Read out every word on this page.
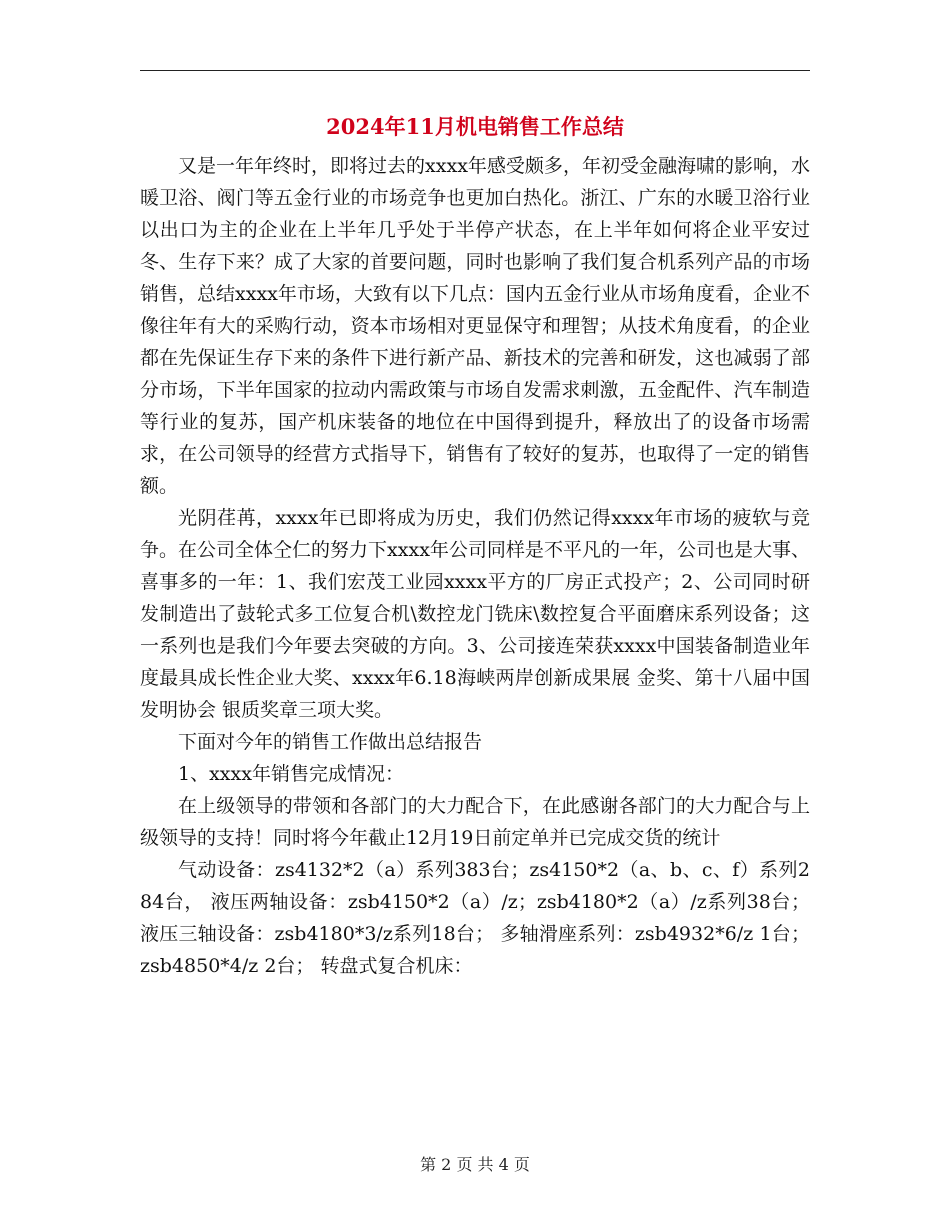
2024年11月机电销售工作总结

又是一年年终时，即将过去的xxxx年感受颇多，年初受金融海啸的影响，水暖卫浴、阀门等五金行业的市场竞争也更加白热化。浙江、广东的水暖卫浴行业以出口为主的企业在上半年几乎处于半停产状态，在上半年如何将企业平安过冬、生存下来？成了大家的首要问题，同时也影响了我们复合机系列产品的市场销售，总结xxxx年市场，大致有以下几点：国内五金行业从市场角度看，企业不像往年有大的采购行动，资本市场相对更显保守和理智；从技术角度看，的企业都在先保证生存下来的条件下进行新产品、新技术的完善和研发，这也减弱了部分市场，下半年国家的拉动内需政策与市场自发需求刺激，五金配件、汽车制造等行业的复苏，国产机床装备的地位在中国得到提升，释放出了的设备市场需求，在公司领导的经营方式指导下，销售有了较好的复苏，也取得了一定的销售额。

光阴荏苒，xxxx年已即将成为历史，我们仍然记得xxxx年市场的疲软与竞争。在公司全体仝仁的努力下xxxx年公司同样是不平凡的一年，公司也是大事、喜事多的一年：1、我们宏茂工业园xxxx平方的厂房正式投产；2、公司同时研发制造出了鼓轮式多工位复合机\数控龙门铣床\数控复合平面磨床系列设备；这一系列也是我们今年要去突破的方向。3、公司接连荣获xxxx中国装备制造业年度最具成长性企业大奖、xxxx年6.18海峡两岸创新成果展 金奖、第十八届中国发明协会 银质奖章三项大奖。

下面对今年的销售工作做出总结报告

1、xxxx年销售完成情况：

在上级领导的带领和各部门的大力配合下，在此感谢各部门的大力配合与上级领导的支持！同时将今年截止12月19日前定单并已完成交货的统计

气动设备：zs4132*2（a）系列383台；zs4150*2（a、b、c、f）系列284台， 液压两轴设备：zsb4150*2（a）/z；zsb4180*2（a）/z系列38台； 液压三轴设备：zsb4180*3/z系列18台； 多轴滑座系列：zsb4932*6/z 1台；zsb4850*4/z 2台； 转盘式复合机床：

第 2 页 共 4 页
